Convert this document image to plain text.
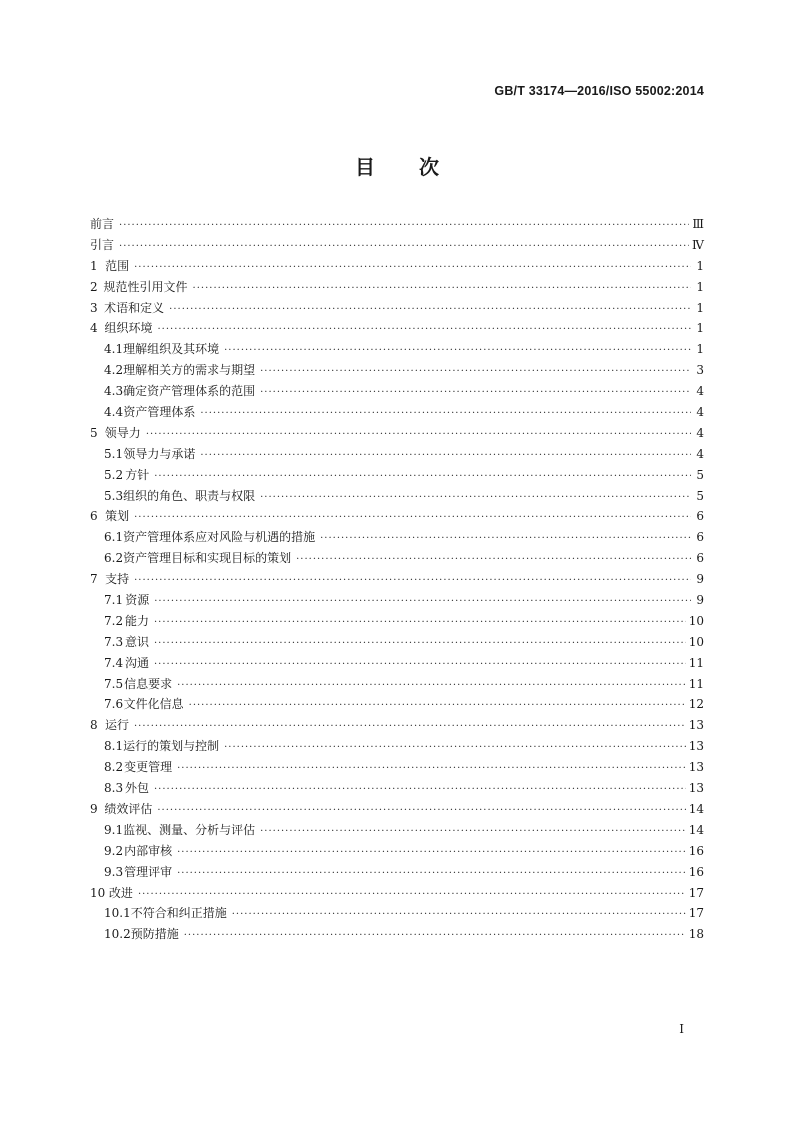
GB/T 33174—2016/ISO 55002:2014
目 次
前言 ·····	Ⅲ
引言 ·····	Ⅳ
1 范围 ·····	1
2 规范性引用文件 ·····	1
3 术语和定义 ·····	1
4 组织环境 ·····	1
4.1 理解组织及其环境 ·····	1
4.2 理解相关方的需求与期望 ·····	3
4.3 确定资产管理体系的范围 ·····	4
4.4 资产管理体系 ·····	4
5 领导力 ·····	4
5.1 领导力与承诺 ·····	4
5.2 方针 ·····	5
5.3 组织的角色、职责与权限 ·····	5
6 策划 ·····	6
6.1 资产管理体系应对风险与机遇的措施 ·····	6
6.2 资产管理目标和实现目标的策划 ·····	6
7 支持 ·····	9
7.1 资源 ·····	9
7.2 能力 ·····	10
7.3 意识 ·····	10
7.4 沟通 ·····	11
7.5 信息要求 ·····	11
7.6 文件化信息 ·····	12
8 运行 ·····	13
8.1 运行的策划与控制 ·····	13
8.2 变更管理 ·····	13
8.3 外包 ·····	13
9 绩效评估 ·····	14
9.1 监视、测量、分析与评估 ·····	14
9.2 内部审核 ·····	16
9.3 管理评审 ·····	16
10 改进 ·····	17
10.1 不符合和纠正措施 ·····	17
10.2 预防措施 ·····	18
I
